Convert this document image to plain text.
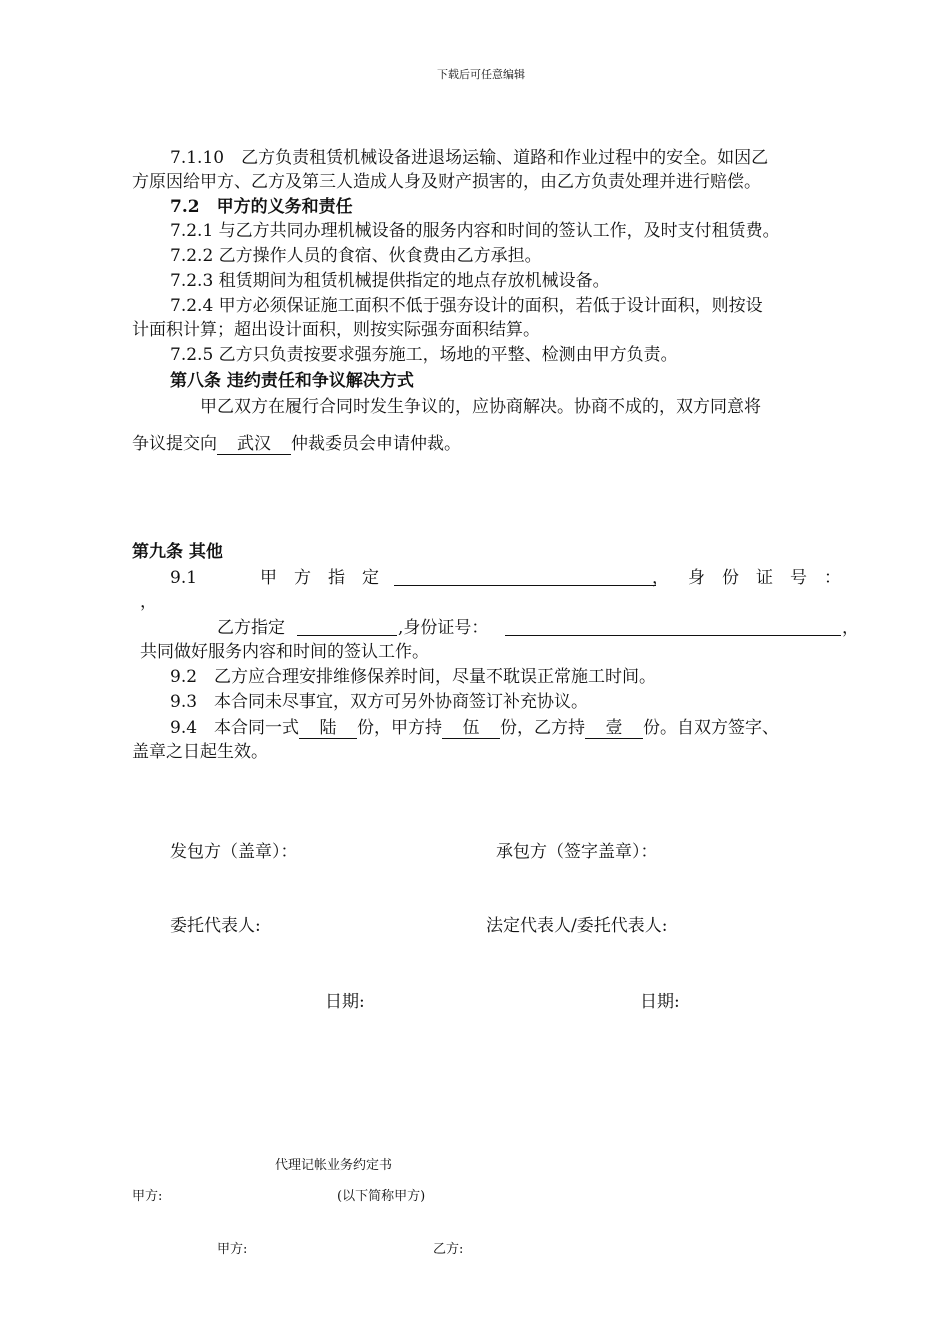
下载后可任意编辑
7.1.10　乙方负责租赁机械设备进退场运输、道路和作业过程中的安全。如因乙
方原因给甲方、乙方及第三人造成人身及财产损害的，由乙方负责处理并进行赔偿。
7.2　甲方的义务和责任
7.2.1 与乙方共同办理机械设备的服务内容和时间的签认工作，及时支付租赁费。
7.2.2 乙方操作人员的食宿、伙食费由乙方承担。
7.2.3 租赁期间为租赁机械提供指定的地点存放机械设备。
7.2.4 甲方必须保证施工面积不低于强夯设计的面积，若低于设计面积，则按设
计面积计算；超出设计面积，则按实际强夯面积结算。
7.2.5 乙方只负责按要求强夯施工，场地的平整、检测由甲方负责。
第八条 违约责任和争议解决方式
甲乙双方在履行合同时发生争议的，应协商解决。协商不成的，双方同意将
争议提交向 武汉 仲裁委员会申请仲裁。
第九条 其他
9.1	甲　方　指　定	， 身　份　证　号　：
，
乙方指定	,身份证号：	，
共同做好服务内容和时间的签认工作。
9.2　乙方应合理安排维修保养时间，尽量不耽误正常施工时间。
9.3　本合同未尽事宜，双方可另外协商签订补充协议。
9.4　本合同一式 陆 份，甲方持 伍 份，乙方持 壹 份。自双方签字、
盖章之日起生效。
发包方（盖章）：	承包方（签字盖章）：
委托代表人:	法定代表人/委托代表人:
日期:	日期:
代理记帐业务约定书
甲方:	(以下简称甲方)
甲方:	乙方:
